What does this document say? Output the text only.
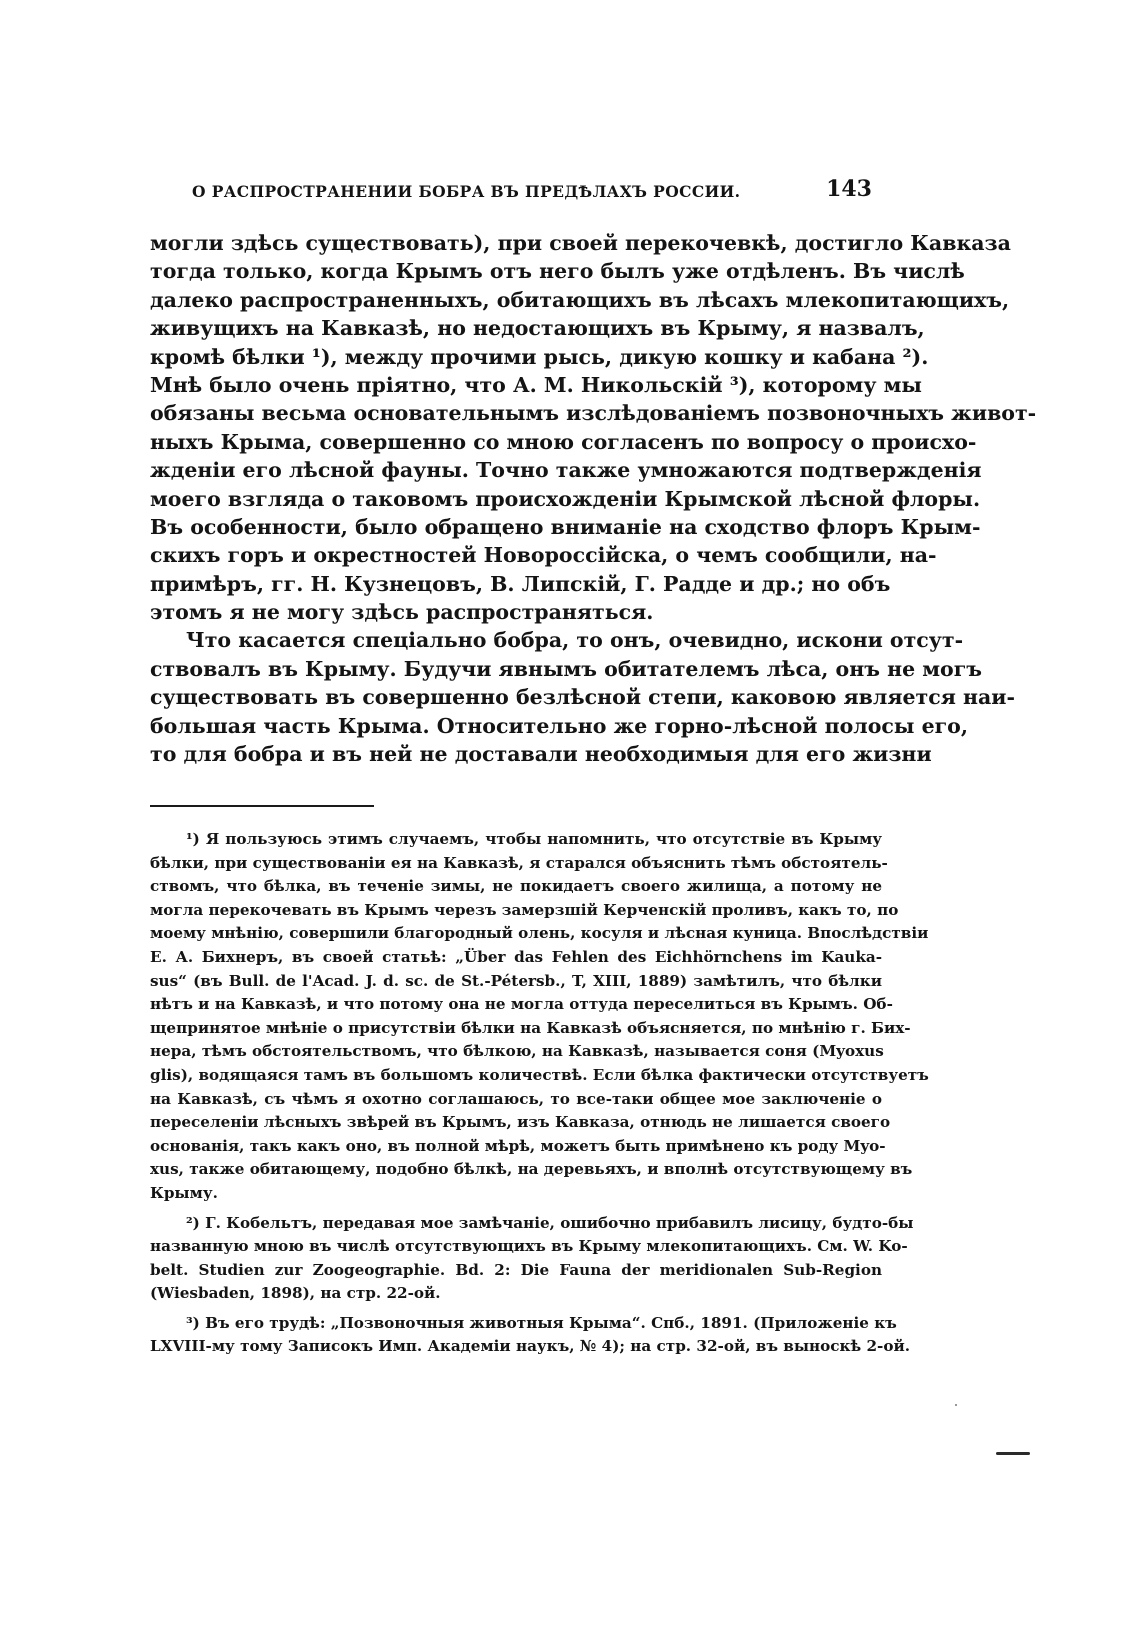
О РАСПРОСТРАНЕНИИ БОБРА ВЪ ПРЕДѢЛАХЪ РОССИИ.	143
могли здѣсь существовать), при своей перекочевкѣ, достигло Кавказа
тогда только, когда Крымъ отъ него былъ уже отдѣленъ. Въ числѣ
далеко распространенныхъ, обитающихъ въ лѣсахъ млекопитающихъ,
живущихъ на Кавказѣ, но недостающихъ въ Крыму, я назвалъ,
кромѣ бѣлки ¹), между прочими рысь, дикую кошку и кабана ²).
Мнѣ было очень пріятно, что А. М. Никольскій ³), которому мы
обязаны весьма основательнымъ изслѣдованіемъ позвоночныхъ живот-
ныхъ Крыма, совершенно со мною согласенъ по вопросу о происхо-
жденіи его лѣсной фауны. Точно также умножаются подтвержденія
моего взгляда о таковомъ происхожденіи Крымской лѣсной флоры.
Въ особенности, было обращено вниманіе на сходство флоръ Крым-
скихъ горъ и окрестностей Новороссійска, о чемъ сообщили, на-
примѣръ, гг. Н. Кузнецовъ, В. Липскій, Г. Радде и др.; но объ
этомъ я не могу здѣсь распространяться.
Что касается спеціально бобра, то онъ, очевидно, искони отсут-
ствовалъ въ Крыму. Будучи явнымъ обитателемъ лѣса, онъ не могъ
существовать въ совершенно безлѣсной степи, каковою является наи-
большая часть Крыма. Относительно же горно-лѣсной полосы его,
то для бобра и въ ней не доставали необходимыя для его жизни
¹) Я пользуюсь этимъ случаемъ, чтобы напомнить, что отсутствіе въ Крыму
бѣлки, при существованіи ея на Кавказѣ, я старался объяснить тѣмъ обстоятель-
ствомъ, что бѣлка, въ теченіе зимы, не покидаетъ своего жилища, а потому не
могла перекочевать въ Крымъ черезъ замерзшій Керченскій проливъ, какъ то, по
моему мнѣнію, совершили благородный олень, косуля и лѣсная куница. Впослѣдствіи
Е. А. Бихнеръ, въ своей статьѣ: „Über das Fehlen des Eichhörnchens im Kauka-
sus“ (въ Bull. de l'Acad. J. d. sc. de St.-Pétersb., T, XIII, 1889) замѣтилъ, что бѣлки
нѣтъ и на Кавказѣ, и что потому она не могла оттуда переселиться въ Крымъ. Об-
щепринятое мнѣніе о присутствіи бѣлки на Кавказѣ объясняется, по мнѣнію г. Бих-
нера, тѣмъ обстоятельствомъ, что бѣлкою, на Кавказѣ, называется соня (Myoxus
glis), водящаяся тамъ въ большомъ количествѣ. Если бѣлка фактически отсутствуетъ
на Кавказѣ, съ чѣмъ я охотно соглашаюсь, то все-таки общее мое заключеніе о
переселеніи лѣсныхъ звѣрей въ Крымъ, изъ Кавказа, отнюдь не лишается своего
основанія, такъ какъ оно, въ полной мѣрѣ, можетъ быть примѣнено къ роду Myo-
xus, также обитающему, подобно бѣлкѣ, на деревьяхъ, и вполнѣ отсутствующему въ
Крыму.
²) Г. Кобельтъ, передавая мое замѣчаніе, ошибочно прибавилъ лисицу, будто-бы
названную мною въ числѣ отсутствующихъ въ Крыму млекопитающихъ. См. W. Ko-
belt. Studien zur Zoogeographie. Bd. 2: Die Fauna der meridionalen Sub-Region
(Wiesbaden, 1898), на стр. 22-ой.
³) Въ его трудѣ: „Позвоночныя животныя Крыма“. Спб., 1891. (Приложеніе къ
LXVIII-му тому Записокъ Имп. Академіи наукъ, № 4); на стр. 32-ой, въ выноскѣ 2-ой.
